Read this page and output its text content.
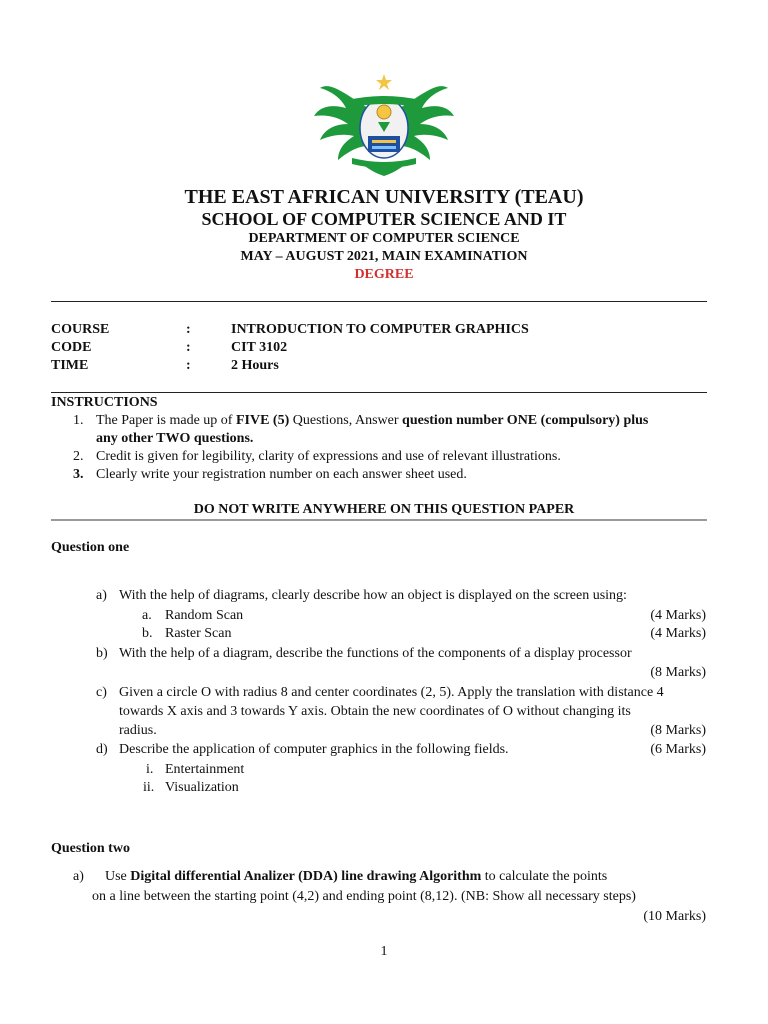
THE EAST AFRICAN UNIVERSITY (TEAU)
SCHOOL OF COMPUTER SCIENCE AND IT
DEPARTMENT OF COMPUTER SCIENCE
MAY – AUGUST 2021, MAIN EXAMINATION
DEGREE
COURSE	:	INTRODUCTION TO COMPUTER GRAPHICS
CODE	:	CIT 3102
TIME	:	2 Hours
INSTRUCTIONS
1. The Paper is made up of FIVE (5) Questions, Answer question number ONE (compulsory) plus
any other TWO questions.
2. Credit is given for legibility, clarity of expressions and use of relevant illustrations.
3. Clearly write your registration number on each answer sheet used.
DO NOT WRITE ANYWHERE ON THIS QUESTION PAPER
Question one
a) With the help of diagrams, clearly describe how an object is displayed on the screen using:
a. Random Scan	(4 Marks)
b. Raster Scan	(4 Marks)
b) With the help of a diagram, describe the functions of the components of a display processor
(8 Marks)
c) Given a circle O with radius 8 and center coordinates (2, 5). Apply the translation with distance 4
towards X axis and 3 towards Y axis. Obtain the new coordinates of O without changing its
radius.	(8 Marks)
d) Describe the application of computer graphics in the following fields.	(6 Marks)
i. Entertainment
ii. Visualization
Question two
a) Use Digital differential Analizer (DDA) line drawing Algorithm to calculate the points
on a line between the starting point (4,2) and ending point (8,12). (NB: Show all necessary steps)
(10 Marks)
1
